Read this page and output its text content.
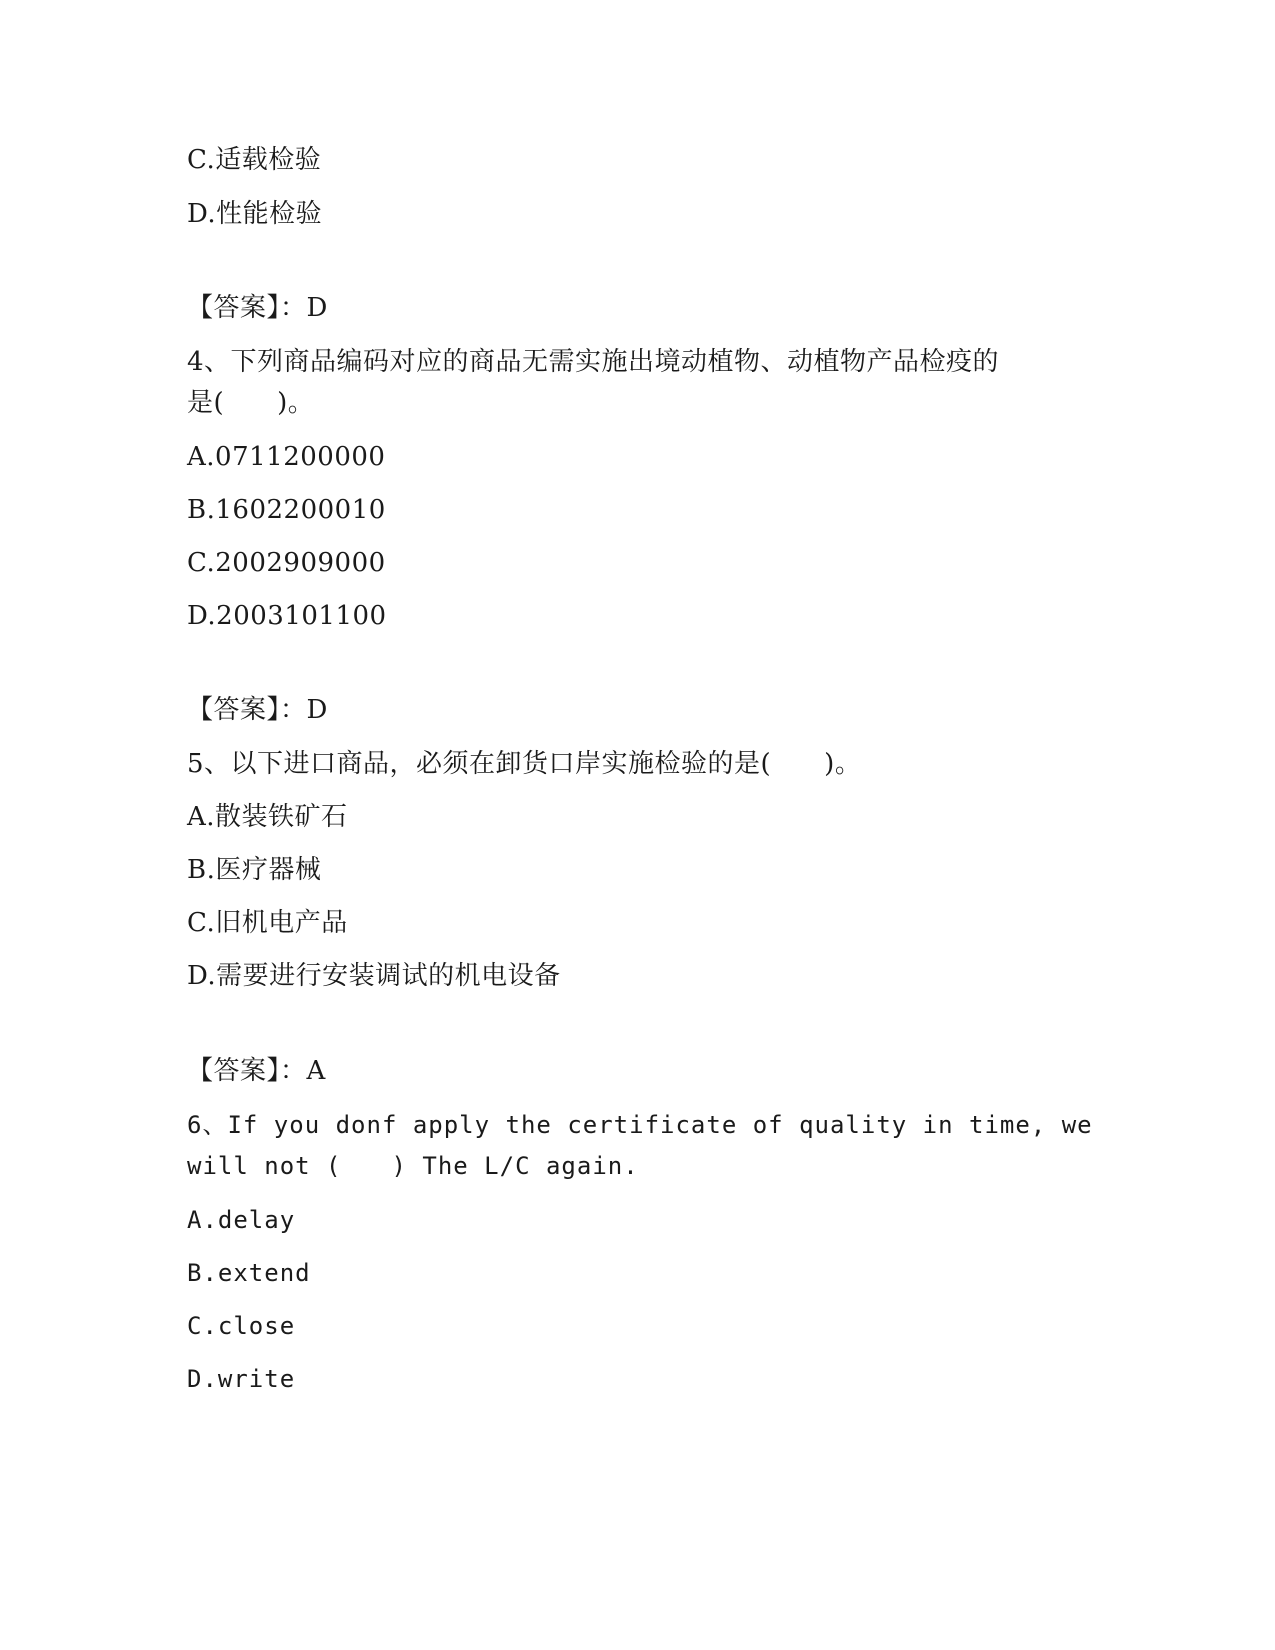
C.适载检验
D.性能检验
【答案】：D
4、下列商品编码对应的商品无需实施出境动植物、动植物产品检疫的
是(　　)。
A.0711200000
B.1602200010
C.2002909000
D.2003101100
【答案】：D
5、以下进口商品，必须在卸货口岸实施检验的是(　　)。
A.散装铁矿石
B.医疗器械
C.旧机电产品
D.需要进行安装调试的机电设备
【答案】：A
6、If you donf apply the certificate of quality in time, we
will not (　　) The L/C again.
A.delay
B.extend
C.close
D.write
